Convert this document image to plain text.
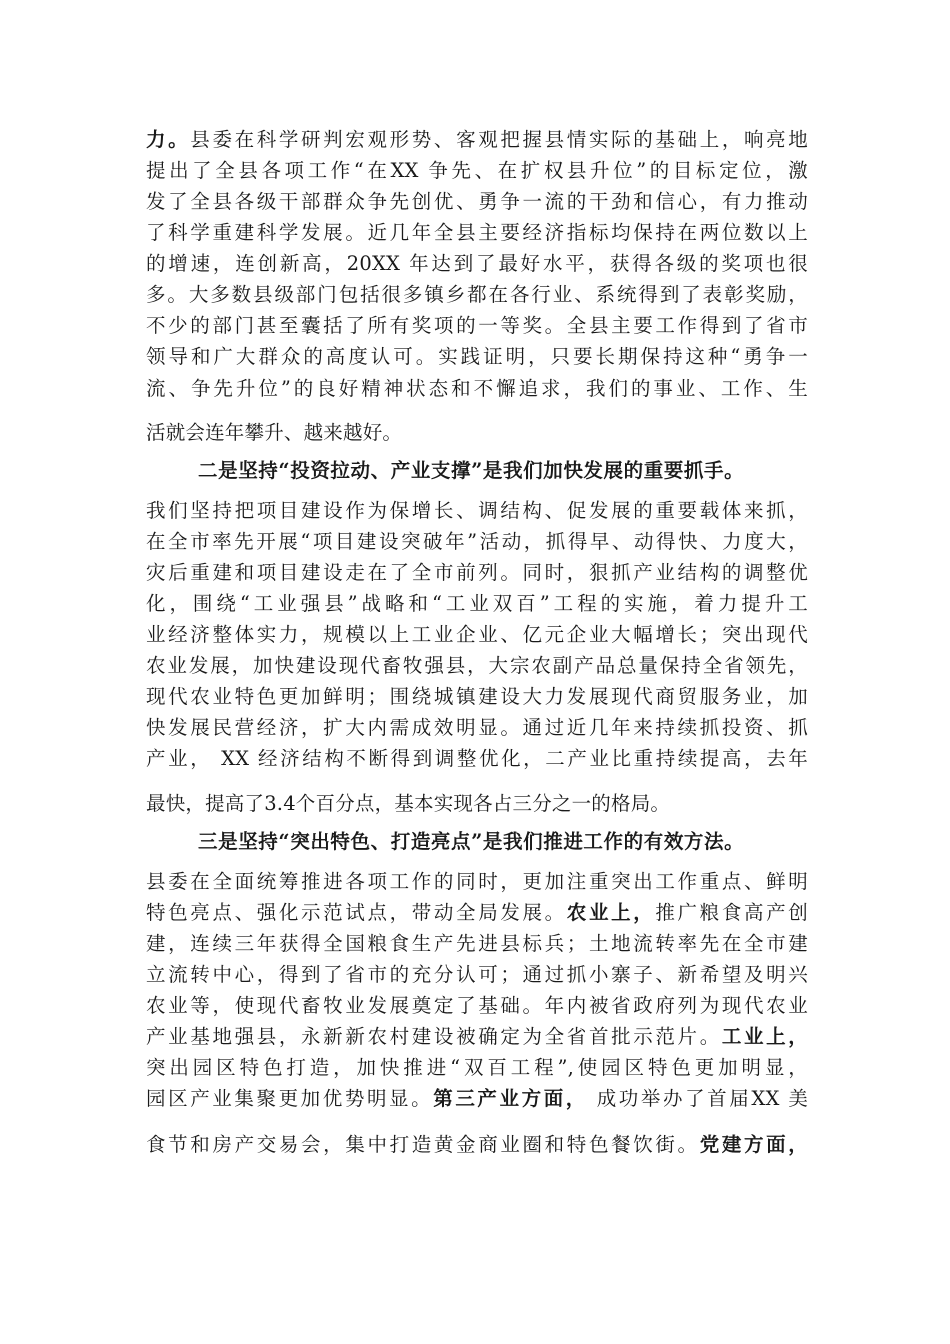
力。县委在科学研判宏观形势、客观把握县情实际的基础上，响亮地
提出了全县各项工作“在XX 争先、在扩权县升位”的目标定位，激
发了全县各级干部群众争先创优、勇争一流的干劲和信心，有力推动
了科学重建科学发展。近几年全县主要经济指标均保持在两位数以上
的增速，连创新高，20XX 年达到了最好水平，获得各级的奖项也很
多。大多数县级部门包括很多镇乡都在各行业、系统得到了表彰奖励，
不少的部门甚至囊括了所有奖项的一等奖。全县主要工作得到了省市
领导和广大群众的高度认可。实践证明，只要长期保持这种“勇争一
流、争先升位”的良好精神状态和不懈追求，我们的事业、工作、生
活就会连年攀升、越来越好。
二是坚持“投资拉动、产业支撑”是我们加快发展的重要抓手。
我们坚持把项目建设作为保增长、调结构、促发展的重要载体来抓，
在全市率先开展“项目建设突破年”活动，抓得早、动得快、力度大，
灾后重建和项目建设走在了全市前列。同时，狠抓产业结构的调整优
化，围绕“工业强县”战略和“工业双百”工程的实施，着力提升工
业经济整体实力，规模以上工业企业、亿元企业大幅增长；突出现代
农业发展，加快建设现代畜牧强县，大宗农副产品总量保持全省领先，
现代农业特色更加鲜明；围绕城镇建设大力发展现代商贸服务业，加
快发展民营经济，扩大内需成效明显。通过近几年来持续抓投资、抓
产业， XX 经济结构不断得到调整优化，二产业比重持续提高，去年
最快，提高了3.4个百分点，基本实现各占三分之一的格局。
三是坚持“突出特色、打造亮点”是我们推进工作的有效方法。
县委在全面统筹推进各项工作的同时，更加注重突出工作重点、鲜明
特色亮点、强化示范试点，带动全局发展。农业上，推广粮食高产创
建，连续三年获得全国粮食生产先进县标兵；土地流转率先在全市建
立流转中心，得到了省市的充分认可；通过抓小寨子、新希望及明兴
农业等，使现代畜牧业发展奠定了基础。年内被省政府列为现代农业
产业基地强县，永新新农村建设被确定为全省首批示范片。工业上，
突出园区特色打造，加快推进“双百工程”,使园区特色更加明显，
园区产业集聚更加优势明显。第三产业方面， 成功举办了首届XX 美
食节和房产交易会，集中打造黄金商业圈和特色餐饮街。党建方面，
